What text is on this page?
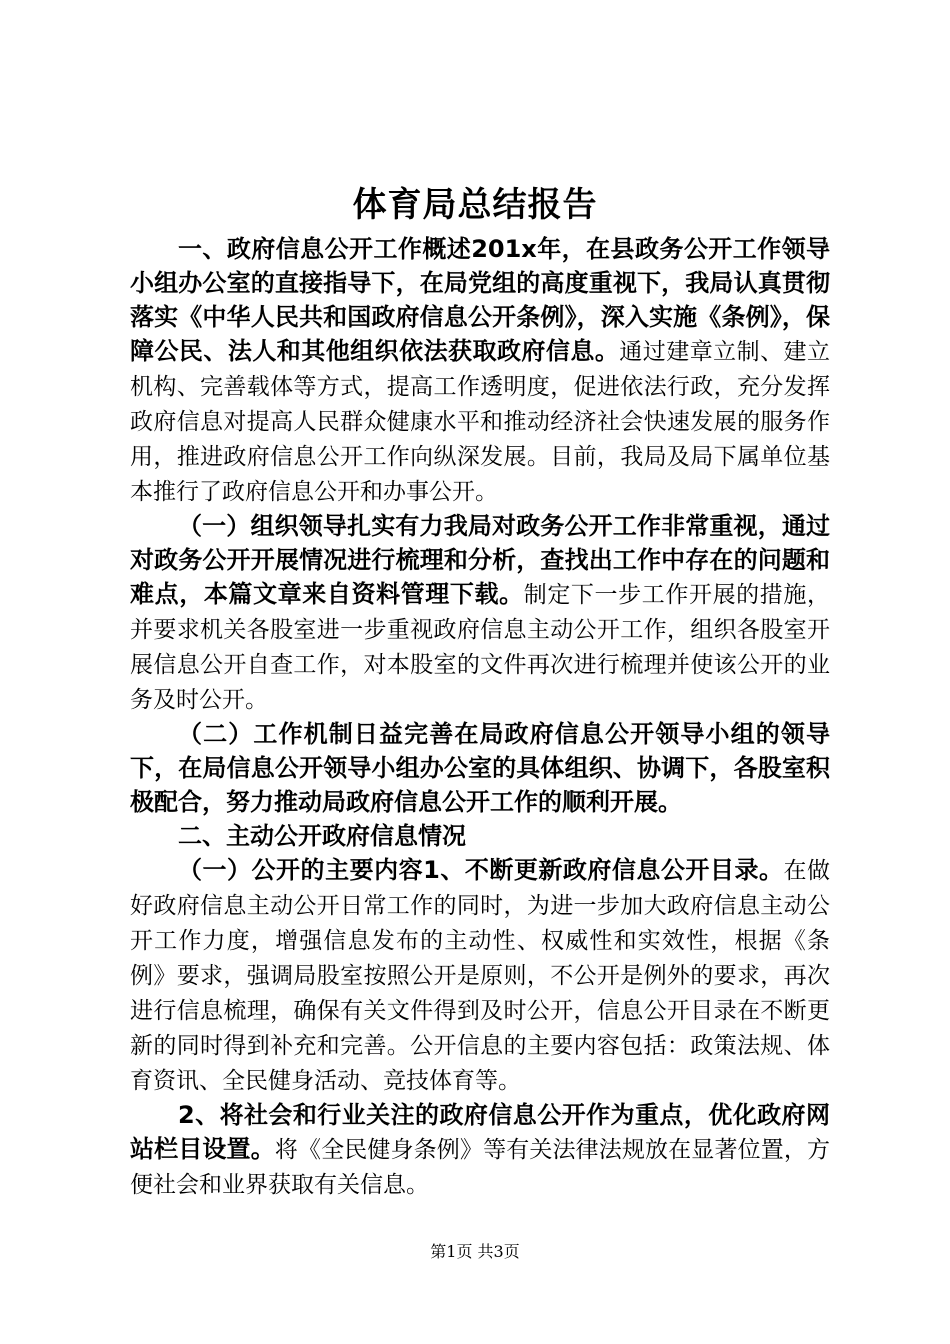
体育局总结报告

一、政府信息公开工作概述201x年，在县政务公开工作领导小组办公室的直接指导下，在局党组的高度重视下，我局认真贯彻落实《中华人民共和国政府信息公开条例》，深入实施《条例》，保障公民、法人和其他组织依法获取政府信息。通过建章立制、建立机构、完善载体等方式，提高工作透明度，促进依法行政，充分发挥政府信息对提高人民群众健康水平和推动经济社会快速发展的服务作用，推进政府信息公开工作向纵深发展。目前，我局及局下属单位基本推行了政府信息公开和办事公开。

（一）组织领导扎实有力我局对政务公开工作非常重视，通过对政务公开开展情况进行梳理和分析，查找出工作中存在的问题和难点，本篇文章来自资料管理下载。制定下一步工作开展的措施，并要求机关各股室进一步重视政府信息主动公开工作，组织各股室开展信息公开自查工作，对本股室的文件再次进行梳理并使该公开的业务及时公开。

（二）工作机制日益完善在局政府信息公开领导小组的领导下，在局信息公开领导小组办公室的具体组织、协调下，各股室积极配合，努力推动局政府信息公开工作的顺利开展。

二、主动公开政府信息情况

（一）公开的主要内容1、不断更新政府信息公开目录。在做好政府信息主动公开日常工作的同时，为进一步加大政府信息主动公开工作力度，增强信息发布的主动性、权威性和实效性，根据《条例》要求，强调局股室按照公开是原则，不公开是例外的要求，再次进行信息梳理，确保有关文件得到及时公开，信息公开目录在不断更新的同时得到补充和完善。公开信息的主要内容包括：政策法规、体育资讯、全民健身活动、竞技体育等。

2、将社会和行业关注的政府信息公开作为重点，优化政府网站栏目设置。将《全民健身条例》等有关法律法规放在显著位置，方便社会和业界获取有关信息。

第1页 共3页
